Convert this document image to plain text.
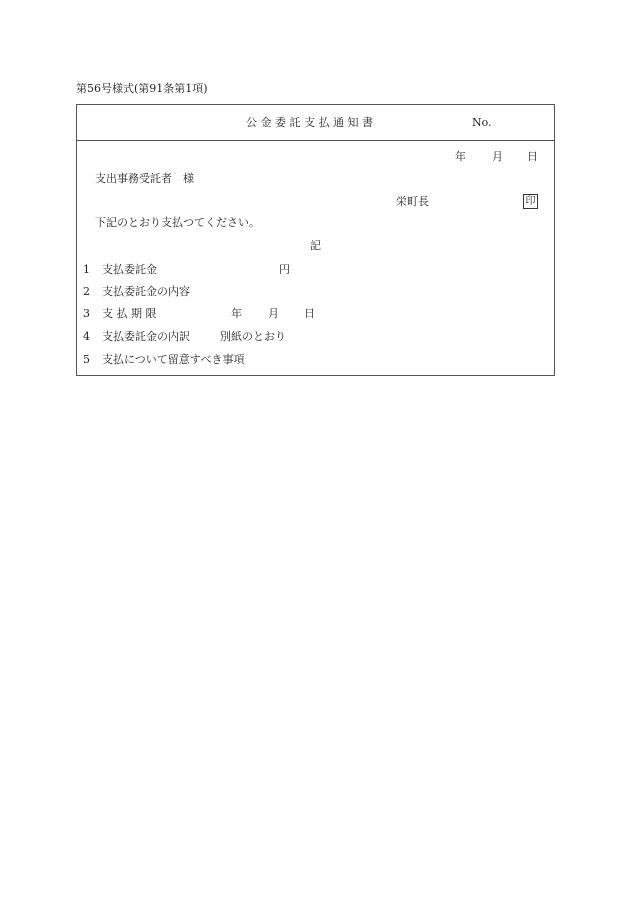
第56号様式(第91条第1項)
公 金 委 託 支 払 通 知 書	No.
年 月 日
支出事務受託者　様
栄町長	印
下記のとおり支払つてください。
記
1 支払委託金	円
2 支払委託金の内容
3 支 払 期 限	年 月 日
4 支払委託金の内訳	別紙のとおり
5 支払について留意すべき事項
